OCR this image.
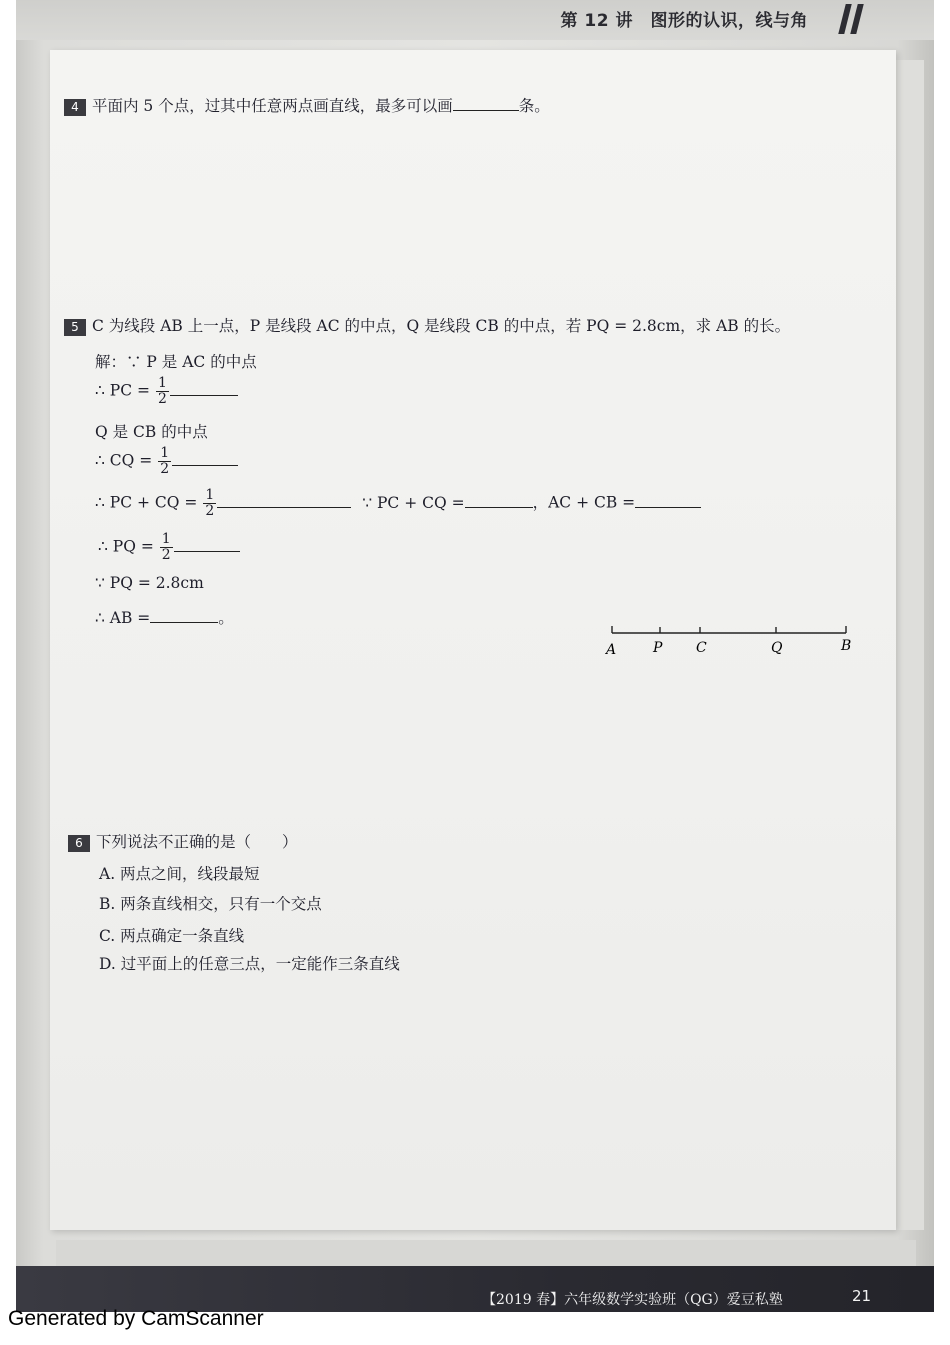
第 12 讲　图形的认识，线与角
4 平面内 5 个点，过其中任意两点画直线，最多可以画	条。
5 C 为线段 AB 上一点，P 是线段 AC 的中点，Q 是线段 CB 的中点，若 PQ = 2.8cm，求 AB 的长。
解：∵ P 是 AC 的中点
∴ PC = $\frac{1}{2}$
Q 是 CB 的中点
∴ CQ = $\frac{1}{2}$
∴ PC + CQ = $\frac{1}{2}$	∵ PC + CQ =	，AC + CB =
∴ PQ = $\frac{1}{2}$
∵ PQ = 2.8cm
∴ AB =	。
A	P C	Q	B
6 下列说法不正确的是（　　）
A. 两点之间，线段最短
B. 两条直线相交，只有一个交点
C. 两点确定一条直线
D. 过平面上的任意三点，一定能作三条直线
【2019 春】六年级数学实验班（QG）爱豆私塾	21
Generated by CamScanner
